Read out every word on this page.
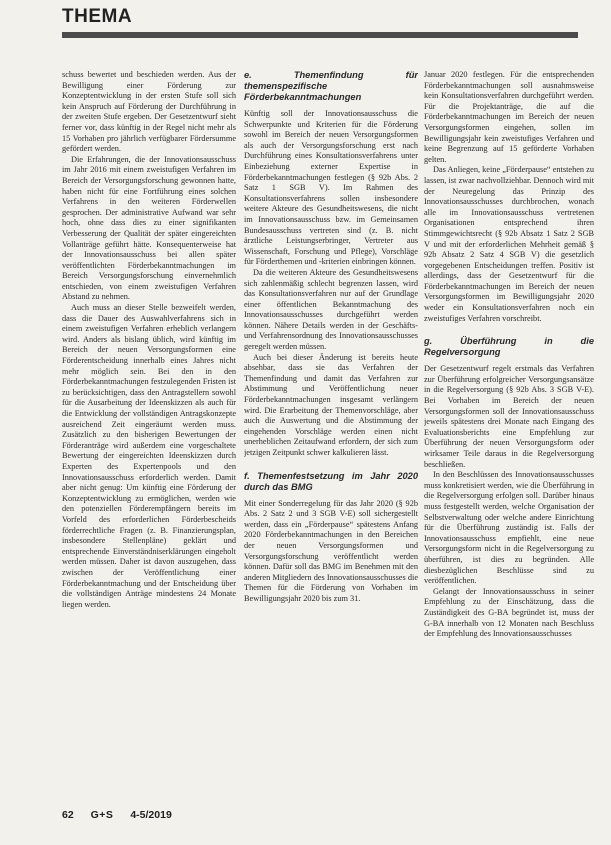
THEMA

schuss bewertet und beschieden werden. Aus der Bewilligung einer Förderung zur Konzeptentwicklung in der ersten Stufe soll sich kein Anspruch auf Förderung der Durchführung in der zweiten Stufe ergeben. Der Gesetzentwurf sieht ferner vor, dass künftig in der Regel nicht mehr als 15 Vorhaben pro jährlich verfügbarer Fördersumme gefördert werden.

Die Erfahrungen, die der Innovationsausschuss im Jahr 2016 mit einem zweistufigen Verfahren im Bereich der Versorgungsforschung gewonnen hatte, haben nicht für eine Fortführung eines solchen Verfahrens in den weiteren Förderwellen gesprochen. Der administrative Aufwand war sehr hoch, ohne dass dies zu einer signifikanten Verbesserung der Qualität der später eingereichten Vollanträge geführt hätte. Konsequenterweise hat der Innovationsausschuss bei allen später veröffentlichten Förderbekanntmachungen im Bereich Versorgungsforschung einvernehmlich entschieden, von einem zweistufigen Verfahren Abstand zu nehmen.

Auch muss an dieser Stelle bezweifelt werden, dass die Dauer des Auswahlverfahrens sich in einem zweistufigen Verfahren erheblich verlangern wird. Anders als bislang üblich, wird künftig im Bereich der neuen Versorgungsformen eine Förderentscheidung innerhalb eines Jahres nicht mehr möglich sein. Bei den in den Förderbekanntmachungen festzulegenden Fristen ist zu berücksichtigen, dass den Antragstellern sowohl für die Ausarbeitung der Ideenskizzen als auch für die Entwicklung der vollständigen Antragskonzepte ausreichend Zeit eingeräumt werden muss. Zusätzlich zu den bisherigen Bewertungen der Förderanträge wird außerdem eine vorgeschaltete Bewertung der eingereichten Ideenskizzen durch Experten des Expertenpools und den Innovationsausschuss erforderlich werden. Damit aber nicht genug: Um künftig eine Förderung der Konzeptentwicklung zu ermöglichen, werden wie den potenziellen Förderempfängern bereits im Vorfeld des erforderlichen Förderbescheids förderrechtliche Fragen (z. B. Finanzierungsplan, insbesondere Stellenpläne) geklärt und entsprechende Einverständniserklärungen eingeholt werden müssen. Daher ist davon auszugehen, dass zwischen der Veröffentlichung einer Förderbekanntmachung und der Entscheidung über die vollständigen Anträge mindestens 24 Monate liegen werden.

e. Themenfindung für themenspezifische Förderbekanntmachungen

Künftig soll der Innovationsausschuss die Schwerpunkte und Kriterien für die Förderung sowohl im Bereich der neuen Versorgungsformen als auch der Versorgungsforschung erst nach Durchführung eines Konsultationsverfahrens unter Einbeziehung externer Expertise in Förderbekanntmachungen festlegen (§ 92b Abs. 2 Satz 1 SGB V). Im Rahmen des Konsultationsverfahrens sollen insbesondere weitere Akteure des Gesundheitswesens, die nicht im Innovationsausschuss bzw. im Gemeinsamen Bundesausschuss vertreten sind (z. B. nicht ärztliche Leistungserbringer, Vertreter aus Wissenschaft, Forschung und Pflege), Vorschläge für Förderthemen und -kriterien einbringen können.

Da die weiteren Akteure des Gesundheitswesens sich zahlenmäßig schlecht begrenzen lassen, wird das Konsultationsverfahren nur auf der Grundlage einer öffentlichen Bekanntmachung des Innovationsausschusses durchgeführt werden können. Nähere Details werden in der Geschäfts- und Verfahrensordnung des Innovationsausschusses geregelt werden müssen.

Auch bei dieser Änderung ist bereits heute absehbar, dass sie das Verfahren der Themenfindung und damit das Verfahren zur Abstimmung und Veröffentlichung neuer Förderbekanntmachungen insgesamt verlängern wird. Die Erarbeitung der Themenvorschläge, aber auch die Auswertung und die Abstimmung der eingehenden Vorschläge werden einen nicht unerheblichen Zeitaufwand erfordern, der sich zum jetzigen Zeitpunkt schwer kalkulieren lässt.

f. Themenfestsetzung im Jahr 2020 durch das BMG

Mit einer Sonderregelung für das Jahr 2020 (§ 92b Abs. 2 Satz 2 und 3 SGB V-E) soll sichergestellt werden, dass ein „Förderpause“ spätestens Anfang 2020 Förderbekanntmachungen in den Bereichen der neuen Versorgungsformen und Versorgungsforschung veröffentlicht werden können. Dafür soll das BMG im Benehmen mit den anderen Mitgliedern des Innovationsausschusses die Themen für die Förderung von Vorhaben im Bewilligungsjahr 2020 bis zum 31.

Januar 2020 festlegen. Für die entsprechenden Förderbekanntmachungen soll ausnahmsweise kein Konsultationsverfahren durchgeführt werden. Für die Projektanträge, die auf die Förderbekanntmachungen im Bereich der neuen Versorgungsformen eingehen, sollen im Bewilligungsjahr kein zweistufiges Verfahren und keine Begrenzung auf 15 geförderte Vorhaben gelten.

Das Anliegen, keine „Förderpause“ entstehen zu lassen, ist zwar nachvollziehbar. Dennoch wird mit der Neuregelung das Prinzip des Innovationsausschusses durchbrochen, wonach alle im Innovationsausschuss vertretenen Organisationen entsprechend ihren Stimmgewichtsrecht (§ 92b Absatz 1 Satz 2 SGB V und mit der erforderlichen Mehrheit gemäß § 92b Absatz 2 Satz 4 SGB V) die gesetzlich vorgegebenen Entscheidungen treffen. Positiv ist allerdings, dass der Gesetzentwurf für die Förderbekanntmachungen im Bereich der neuen Versorgungsformen im Bewilligungsjahr 2020 weder ein Konsultationsverfahren noch ein zweistufiges Verfahren vorschreibt.

g. Überführung in die Regelversorgung

Der Gesetzentwurf regelt erstmals das Verfahren zur Überführung erfolgreicher Versorgungsansätze in die Regelversorgung (§ 92b Abs. 3 SGB V-E). Bei Vorhaben im Bereich der neuen Versorgungsformen soll der Innovationsausschuss jeweils spätestens drei Monate nach Eingang des Evaluationsberichts eine Empfehlung zur Überführung der neuen Versorgungsform oder wirksamer Teile daraus in die Regelversorgung beschließen.

In den Beschlüssen des Innovationsausschusses muss konkretisiert werden, wie die Überführung in die Regelversorgung erfolgen soll. Darüber hinaus muss festgestellt werden, welche Organisation der Selbstverwaltung oder welche andere Einrichtung für die Überführung zuständig ist. Falls der Innovationsausschuss empfiehlt, eine neue Versorgungsform nicht in die Regelversorgung zu überführen, ist dies zu begründen. Alle diesbezüglichen Beschlüsse sind zu veröffentlichen.

Gelangt der Innovationsausschuss in seiner Empfehlung zu der Einschätzung, dass die Zuständigkeit des G-BA begründet ist, muss der G-BA innerhalb von 12 Monaten nach Beschluss der Empfehlung des Innovationsausschusses

62 G+S 4-5/2019
